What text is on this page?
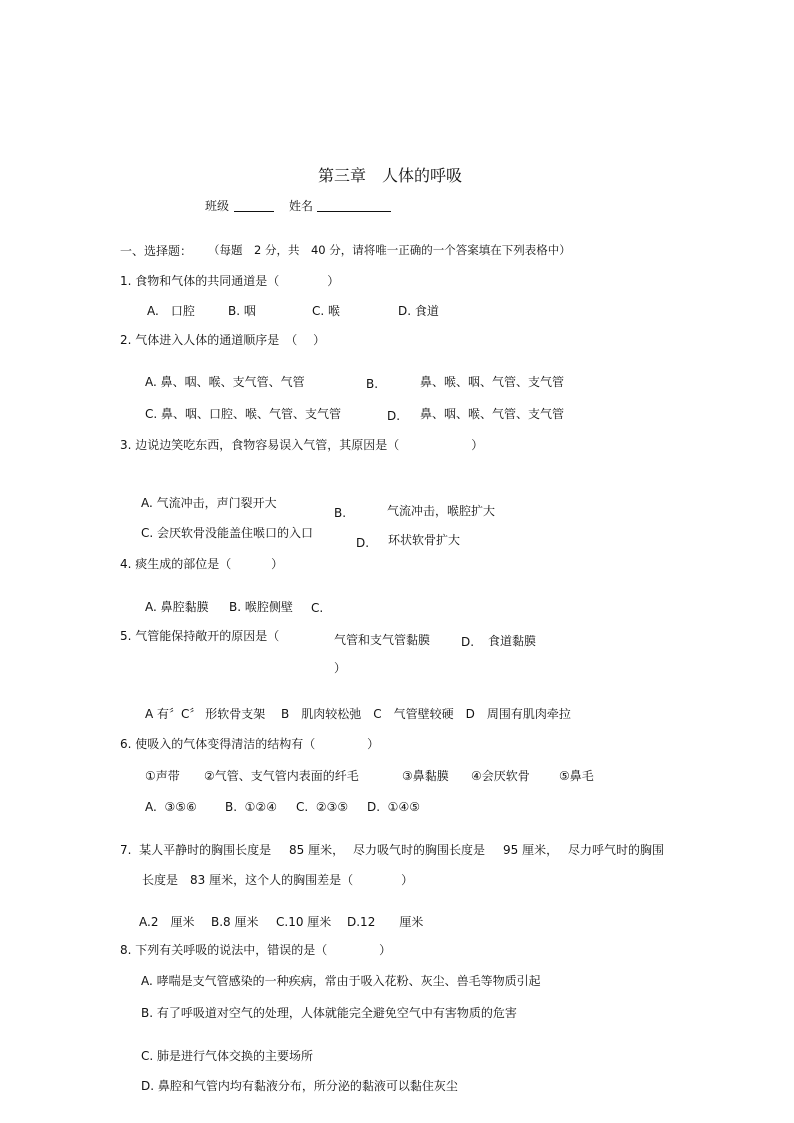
第三章　人体的呼吸
班级	姓名
一、选择题： （每题　2 分，共　40 分，请将唯一正确的一个答案填在下列表格中）
1. 食物和气体的共同通道是（　　　　）
A.　口腔	B. 咽	C. 喉	D. 食道
2. 气体进入人体的通道顺序是　（　 ）
A. 鼻、咽、喉、支气管、气管	B.	鼻、喉、咽、气管、支气管
C. 鼻、咽、口腔、喉、气管、支气管	D. 鼻、咽、喉、气管、支气管
3. 边说边笑吃东西，食物容易误入气管，其原因是（　　　　　　）
A. 气流冲击，声门裂开大
B.	气流冲击，喉腔扩大
C. 会厌软骨没能盖住喉口的入口
D. 环状软骨扩大
4. 痰生成的部位是（　　　 ）
A. 鼻腔黏膜 B. 喉腔侧壁 C.
气管和支气管黏膜	D. 食道黏膜
5. 气管能保持敞开的原因是（
）
A 有〞C〞 形软骨支架　 B　肌肉较松弛　C　气管壁较硬　D　周围有肌肉牵拉
6. 使吸入的气体变得清洁的结构有（　　　　 ）
①声带 ②气管、支气管内表面的纤毛	③鼻黏膜 ④会厌软骨 ⑤鼻毛
A.  ③⑤⑥ B.  ①②④ C.  ②③⑤ D.  ①④⑤
7.  某人平静时的胸围长度是 85 厘米， 尽力吸气时的胸围长度是 95 厘米， 尽力呼气时的胸围
长度是　83 厘米，这个人的胸围差是（　　　　）
A.2　厘米 B.8 厘米 C.10 厘米 D.12　　厘米
8. 下列有关呼吸的说法中，错误的是（　　　　 ）
A. 哮喘是支气管感染的一种疾病，常由于吸入花粉、灰尘、兽毛等物质引起
B. 有了呼吸道对空气的处理，人体就能完全避免空气中有害物质的危害
C. 肺是进行气体交换的主要场所
D. 鼻腔和气管内均有黏液分布，所分泌的黏液可以黏住灰尘
